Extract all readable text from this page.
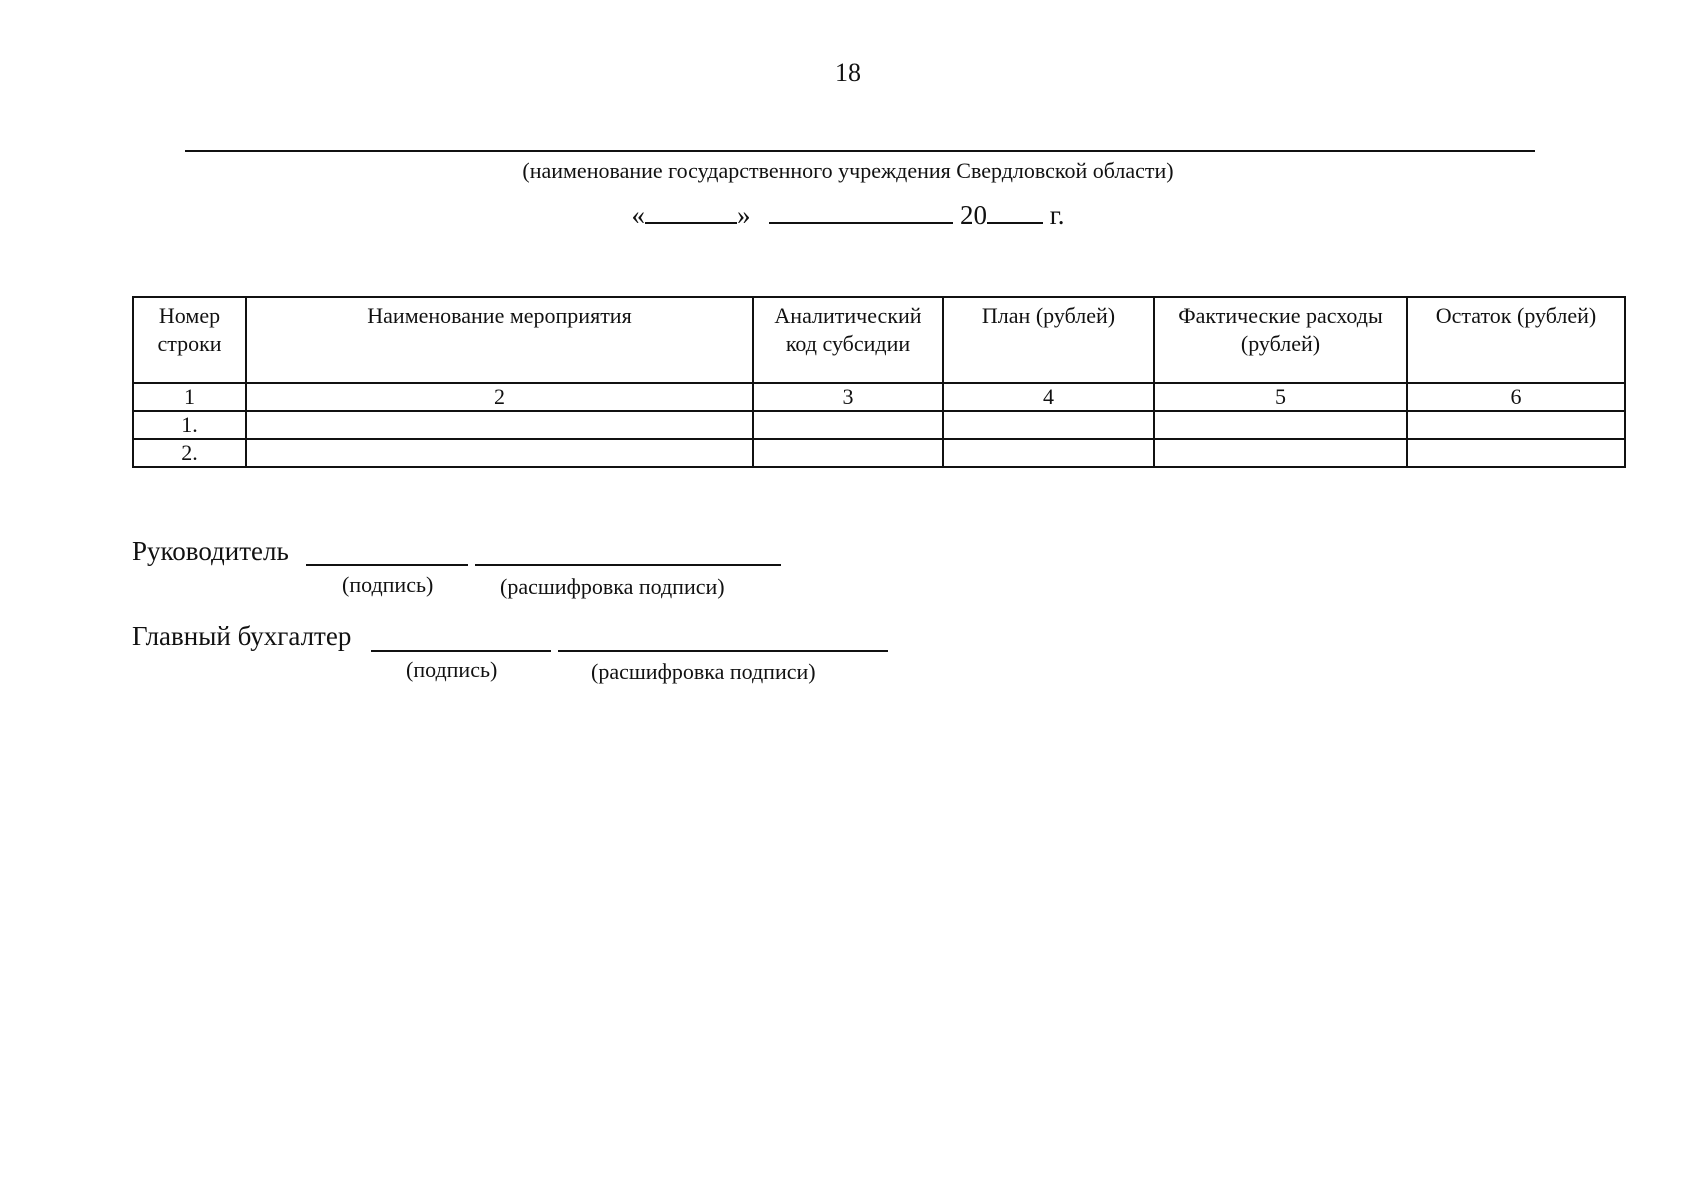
18
(наименование государственного учреждения Свердловской области)
«	»	20 г.
Номер строки	Наименование мероприятия	Аналитический код субсидии	План (рублей)	Фактические расходы (рублей)	Остаток (рублей)
1	2	3	4	5	6
1.					
2.					
Руководитель
(подпись)	(расшифровка подписи)
Главный бухгалтер
(подпись)	(расшифровка подписи)
